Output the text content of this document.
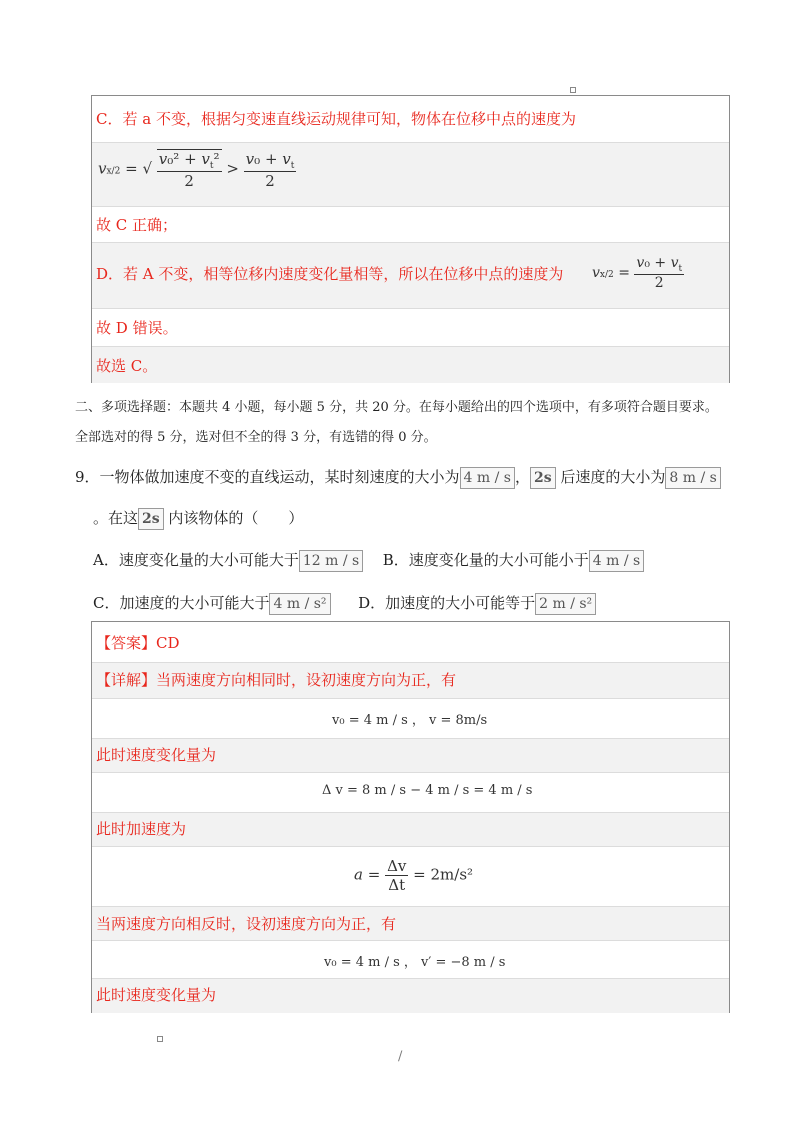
C．若 a 不变，根据匀变速直线运动规律可知，物体在位移中点的速度为
vx/2 = √ $\frac{v_0^2 + v_t^2}{2} > \frac{v_0 + v_t}{2}$
故 C 正确；
D．若 A 不变，相等位移内速度变化量相等，所以在位移中点的速度为 $vx/2 = \frac{v_0 + v_t}{2}$
故 D 错误。
故选 C。
二、多项选择题：本题共 4 小题，每小题 5 分，共 20 分。在每小题给出的四个选项中，有多项符合题目要求。
全部选对的得 5 分，选对但不全的得 3 分，有选错的得 0 分。
9．一物体做加速度不变的直线运动，某时刻速度的大小为 4 m / s ， 2s 后速度的大小为 8 m / s
。在这 2s 内该物体的（　　）
A．速度变化量的大小可能大于 12 m / s B．速度变化量的大小可能小于 4 m / s
C．加速度的大小可能大于 4 m / s² D．加速度的大小可能等于 2 m / s²
【答案】CD
【详解】当两速度方向相同时，设初速度方向为正，有
v₀ = 4 m / s ， v = 8m/s
此时速度变化量为
Δ v = 8 m / s − 4 m / s = 4 m / s
此时加速度为
$a = \frac{\Delta v}{\Delta t} = 2m/s^2$
当两速度方向相反时，设初速度方向为正，有
v₀ = 4 m / s ， v′ = −8 m / s
此时速度变化量为
/
